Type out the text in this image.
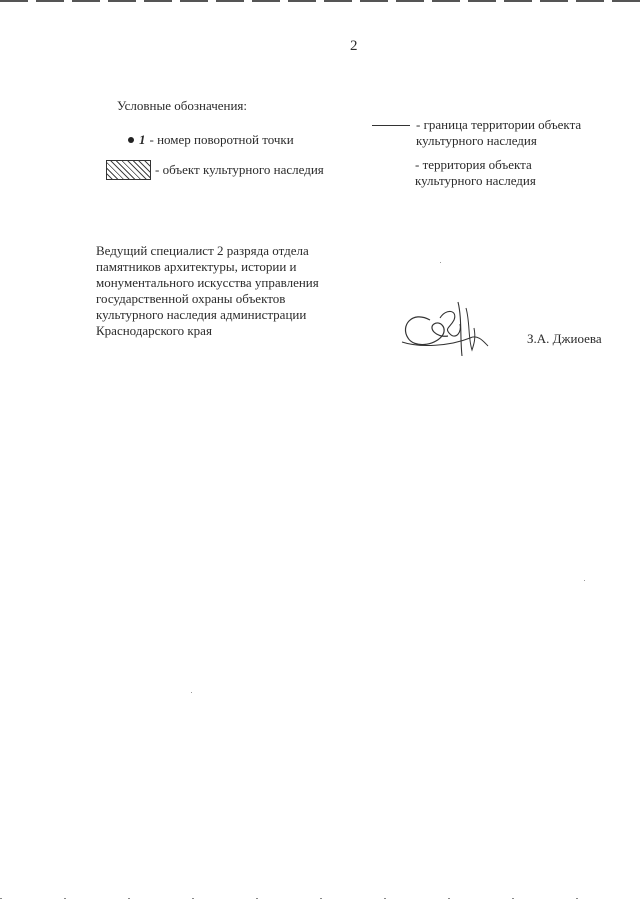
2
Условные обозначения:
1 - номер поворотной точки
- объект культурного наследия
- граница территории объекта
культурного наследия
- территория объекта
культурного наследия
Ведущий специалист 2 разряда отдела
памятников архитектуры, истории и
монументального искусства управления
государственной охраны объектов
культурного наследия администрации
Краснодарского края
З.А. Джиоева
